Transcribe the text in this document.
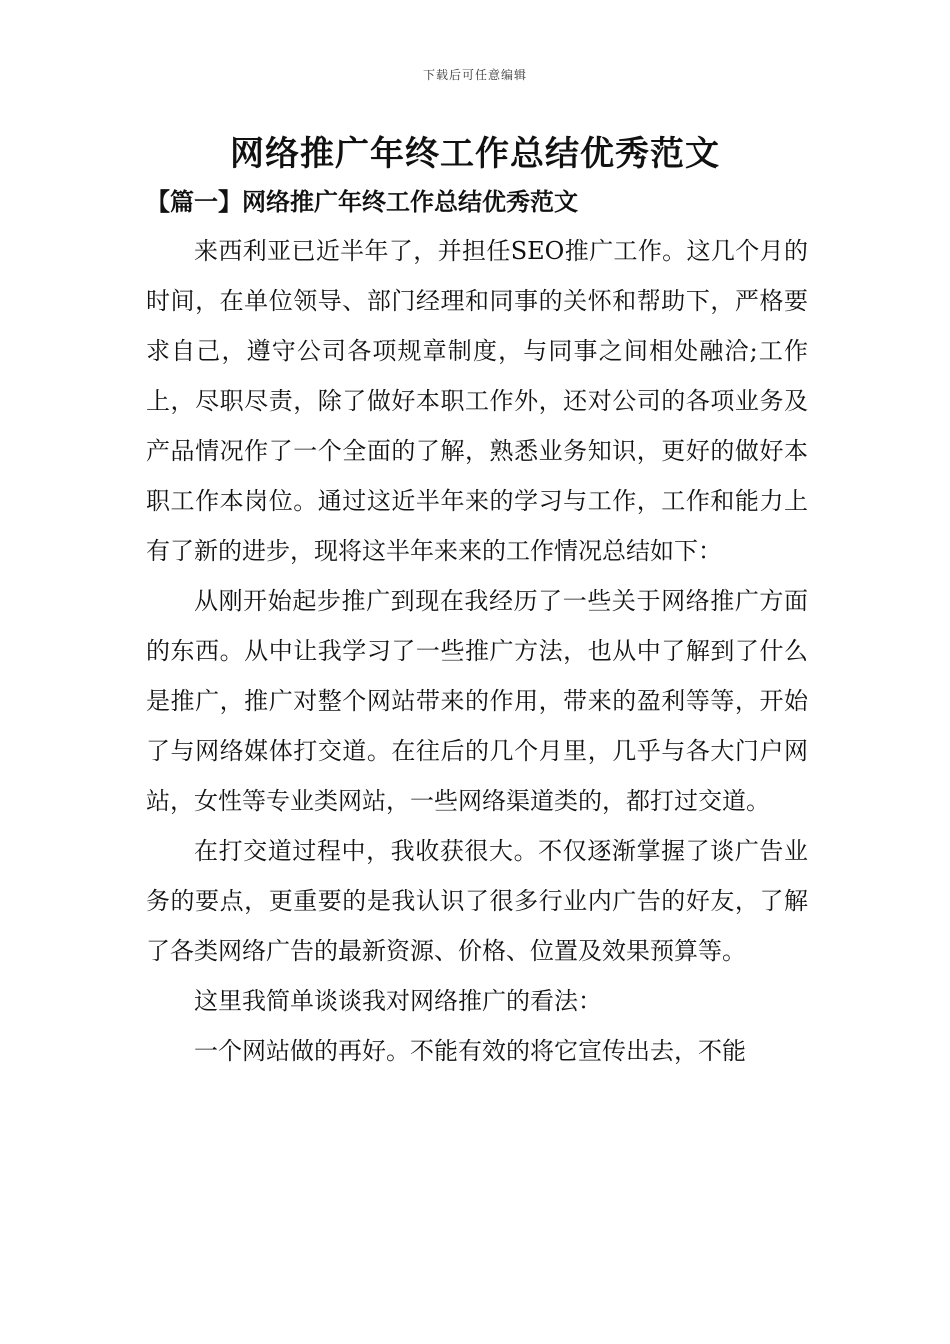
下载后可任意编辑
网络推广年终工作总结优秀范文
【篇一】网络推广年终工作总结优秀范文

来西利亚已近半年了，并担任SEO推广工作。这几个月的时间，在单位领导、部门经理和同事的关怀和帮助下，严格要求自己，遵守公司各项规章制度，与同事之间相处融洽;工作上，尽职尽责，除了做好本职工作外，还对公司的各项业务及产品情况作了一个全面的了解，熟悉业务知识，更好的做好本职工作本岗位。通过这近半年来的学习与工作，工作和能力上有了新的进步，现将这半年来来的工作情况总结如下：

从刚开始起步推广到现在我经历了一些关于网络推广方面的东西。从中让我学习了一些推广方法，也从中了解到了什么是推广，推广对整个网站带来的作用，带来的盈利等等，开始了与网络媒体打交道。在往后的几个月里，几乎与各大门户网站，女性等专业类网站，一些网络渠道类的，都打过交道。

在打交道过程中，我收获很大。不仅逐渐掌握了谈广告业务的要点，更重要的是我认识了很多行业内广告的好友，了解了各类网络广告的最新资源、价格、位置及效果预算等。

这里我简单谈谈我对网络推广的看法：

一个网站做的再好。不能有效的将它宣传出去，不能
